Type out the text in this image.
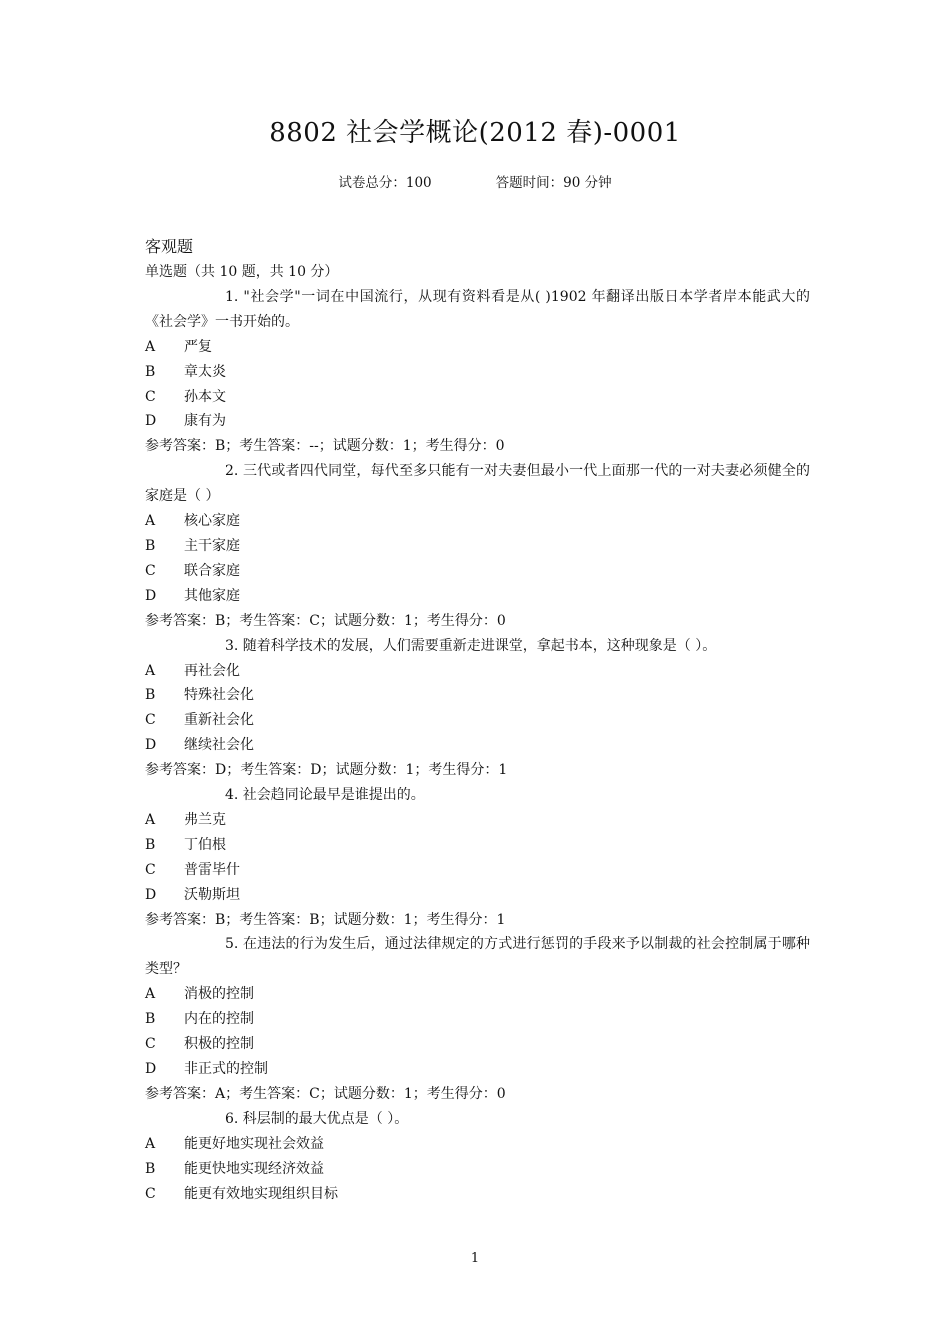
8802 社会学概论(2012 春)-0001
试卷总分：100	答题时间：90 分钟
客观题
单选题（共 10 题，共 10 分）
1. "社会学"一词在中国流行，从现有资料看是从( )1902 年翻译出版日本学者岸本能武大的《社会学》一书开始的。
A	严复
B	章太炎
C	孙本文
D	康有为
参考答案：B；考生答案：--；试题分数：1；考生得分：0
2. 三代或者四代同堂，每代至多只能有一对夫妻但最小一代上面那一代的一对夫妻必须健全的家庭是（ ）
A	核心家庭
B	主干家庭
C	联合家庭
D	其他家庭
参考答案：B；考生答案：C；试题分数：1；考生得分：0
3. 随着科学技术的发展，人们需要重新走进课堂，拿起书本，这种现象是（ ）。
A	再社会化
B	特殊社会化
C	重新社会化
D	继续社会化
参考答案：D；考生答案：D；试题分数：1；考生得分：1
4. 社会趋同论最早是谁提出的。
A	弗兰克
B	丁伯根
C	普雷毕什
D	沃勒斯坦
参考答案：B；考生答案：B；试题分数：1；考生得分：1
5. 在违法的行为发生后，通过法律规定的方式进行惩罚的手段来予以制裁的社会控制属于哪种类型？
A	消极的控制
B	内在的控制
C	积极的控制
D	非正式的控制
参考答案：A；考生答案：C；试题分数：1；考生得分：0
6. 科层制的最大优点是（ ）。
A	能更好地实现社会效益
B	能更快地实现经济效益
C	能更有效地实现组织目标
1
